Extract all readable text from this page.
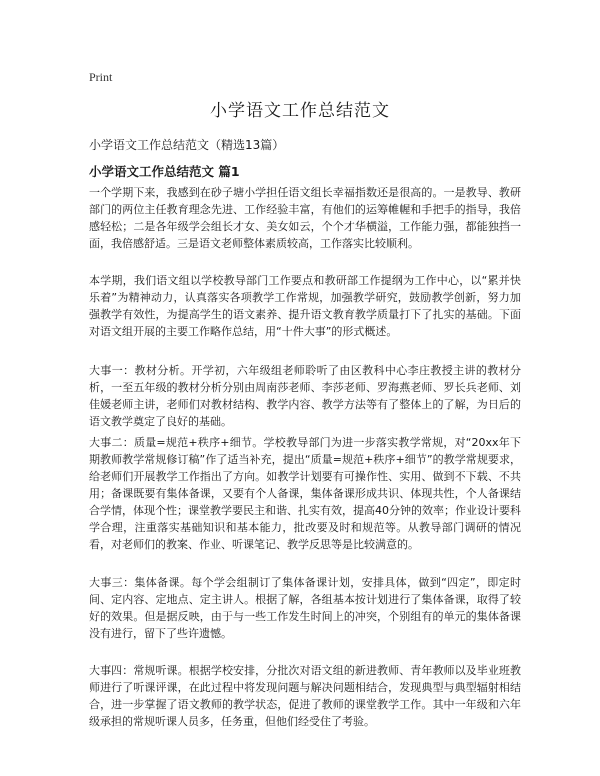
Print

小学语文工作总结范文

小学语文工作总结范文（精选13篇）

小学语文工作总结范文 篇1

一个学期下来，我感到在砂子塘小学担任语文组长幸福指数还是很高的。一是教导、教研部门的两位主任教育理念先进、工作经验丰富，有他们的运筹帷幄和手把手的指导，我倍感轻松；二是各年级学会组长才女、美女如云，个个才华横溢，工作能力强，都能独挡一面，我倍感舒适。三是语文老师整体素质较高，工作落实比较顺利。

本学期，我们语文组以学校教导部门工作要点和教研部工作提纲为工作中心，以“累并快乐着”为精神动力，认真落实各项教学工作常规，加强教学研究，鼓励教学创新，努力加强教学有效性，为提高学生的语文素养、提升语文教育教学质量打下了扎实的基础。下面对语文组开展的主要工作略作总结，用“十件大事”的形式概述。

大事一：教材分析。开学初，六年级组老师聆听了由区教科中心李庄教授主讲的教材分析，一至五年级的教材分析分别由周南莎老师、李莎老师、罗海燕老师、罗长兵老师、刘佳媛老师主讲，老师们对教材结构、教学内容、教学方法等有了整体上的了解，为日后的语文教学奠定了良好的基础。

大事二：质量=规范+秩序+细节。学校教导部门为进一步落实教学常规，对“20xx年下期教师教学常规修订稿”作了适当补充，提出“质量=规范+秩序+细节”的教学常规要求，给老师们开展教学工作指出了方向。如教学计划要有可操作性、实用、做到不下载、不共用；备课既要有集体备课，又要有个人备课，集体备课形成共识、体现共性，个人备课结合学情，体现个性；课堂教学要民主和谐、扎实有效，提高40分钟的效率；作业设计要科学合理，注重落实基础知识和基本能力，批改要及时和规范等。从教导部门调研的情况看，对老师们的教案、作业、听课笔记、教学反思等是比较满意的。

大事三：集体备课。每个学会组制订了集体备课计划，安排具体，做到“四定”，即定时间、定内容、定地点、定主讲人。根据了解，各组基本按计划进行了集体备课，取得了较好的效果。但是据反映，由于与一些工作发生时间上的冲突，个别组有的单元的集体备课没有进行，留下了些许遗憾。

大事四：常规听课。根据学校安排，分批次对语文组的新进教师、青年教师以及毕业班教师进行了听课评课，在此过程中将发现问题与解决问题相结合，发现典型与典型辐射相结合，进一步掌握了语文教师的教学状态，促进了教师的课堂教学工作。其中一年级和六年级承担的常规听课人员多，任务重，但他们经受住了考验。
